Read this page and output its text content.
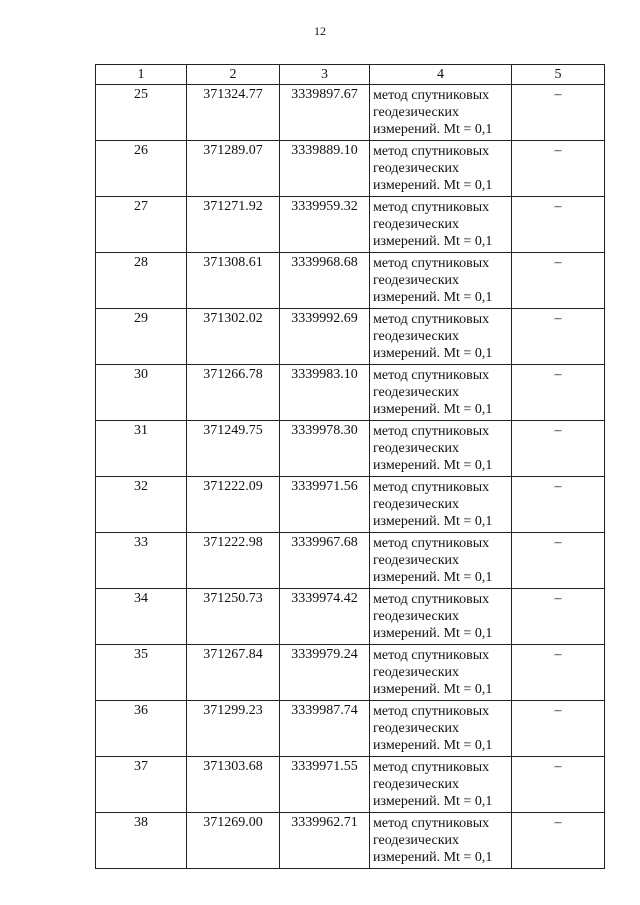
12
1	2	3	4	5
25	371324.77	3339897.67	метод спутниковых
геодезических
измерений. Mt = 0,1	–
26	371289.07	3339889.10	метод спутниковых
геодезических
измерений. Mt = 0,1	–
27	371271.92	3339959.32	метод спутниковых
геодезических
измерений. Mt = 0,1	–
28	371308.61	3339968.68	метод спутниковых
геодезических
измерений. Mt = 0,1	–
29	371302.02	3339992.69	метод спутниковых
геодезических
измерений. Mt = 0,1	–
30	371266.78	3339983.10	метод спутниковых
геодезических
измерений. Mt = 0,1	–
31	371249.75	3339978.30	метод спутниковых
геодезических
измерений. Mt = 0,1	–
32	371222.09	3339971.56	метод спутниковых
геодезических
измерений. Mt = 0,1	–
33	371222.98	3339967.68	метод спутниковых
геодезических
измерений. Mt = 0,1	–
34	371250.73	3339974.42	метод спутниковых
геодезических
измерений. Mt = 0,1	–
35	371267.84	3339979.24	метод спутниковых
геодезических
измерений. Mt = 0,1	–
36	371299.23	3339987.74	метод спутниковых
геодезических
измерений. Mt = 0,1	–
37	371303.68	3339971.55	метод спутниковых
геодезических
измерений. Mt = 0,1	–
38	371269.00	3339962.71	метод спутниковых
геодезических
измерений. Mt = 0,1	–
